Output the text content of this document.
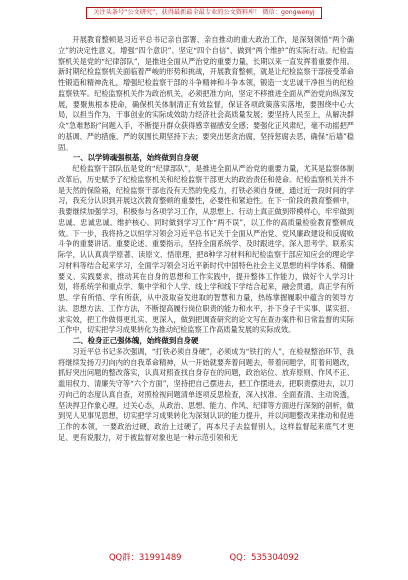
关注头条号“公文研究”，获得最新最全最专业的公文资料库！ 微信：gongwenyj

开展教育整顿是习近平总书记亲自部署、亲自推动的重大政治工作，是深刻领悟“两个确立”的决定性意义，增强“四个意识”、坚定“四个自信”、做到“两个维护”的实际行动。纪检监察机关是党的“纪律部队”，是推进全面从严治党的重要力量，长期以来一直发挥着重要作用。新时期纪检监察机关面临着严峻的形势和挑战，开展教育整顿，就是让纪检监察干部接受革命性锻造和精神洗礼，增强纪检监察干部的斗争精神和斗争本领，锻造一支忠诚干净担当的纪检监察铁军。纪检监察机关作为政治机关，必须把准方向，坚定不移推进全面从严治党向纵深发展，要聚焦根本使命，确保机关体制清正有效监督，保证各项政策落实落地，要围绕中心大局，以担当作为，干事创业的实际成效助力经济社会高质量发展；要坚持人民至上，从解决群众“急难愁盼”问题入手，不断提升群众获得感幸福感安全感；要强化正风肃纪，毫不动摇把严的基调、严的措施、严的氛围长期坚持下去；要突出惩贪治腐，坚持惩腐去恶，确保“后墙”稳固。

一、以学铸魂强根基，始终做到自身硬

纪检监察干部队伍是党的“纪律部队”，是推进全面从严治党的重要力量，尤其是监察体制改革后，历史赋予了纪检监察机关和纪检监察干部更大的政治责任和使命。纪检监察机关并不是天然的保险箱，纪检监察干部也没有天然的免疫力，打铁必须自身硬，通过近一段时间的学习，我充分认识到开展这次教育整顿的重要性，必要性和紧迫性。在下一阶段的教育整顿中，我要继续加强学习，积极参与各项学习工作，从思想上、行动上真正做到带模样心，牢牢做到忠诚、忠诚忠诚、维护核心。同时做到学习工作“两不误”，以工作的高质量检验教育整顿成效。下一步，我将持之以恒学习领会习近平总书记关于全面从严治党、党风廉政建设和反腐败斗争的重要讲话、重要论述、重要指示，坚持全面系统学、及时跟进学、深入思考学、联系实际学，认认真真学原著、读原文、悟原理，把8种学习材料和纪检监察干部应知应会的理论学习材料等结合起来学习，全面学习领会习近平新时代中国特色社会主义思想的科学体系、精髓要义、实践要求，推动其在自身的思想和工作实践中，提升整体工作能力，做好个人学习计划，将系统学和重点学、集中学和个人学、线上学和线下学结合起来，融会贯通，真正学有所思、学有所悟、学有所获，从中汲取奋发进取的智慧和力量，热练掌握履职中蕴含的领导方法、思想方法、工作方法，不断提高履行岗位职责的能力和水平，扑下身子干实事、谋实招、求实效，把工作做得更扎实、更深入，做到把调查研究的论文写在查办案件和日常监督的实际工作中，切实把学习成果转化为推动纪检监察工作高质量发展的实际成效。

二、检身正己强体魄，始终做到自身硬

习近平总书记多次强调，“打铁必须自身硬”，必须成为“铁打的人”，在检视整治环节，我将继续发扬刀刃向内的自我革命精神，从一开始就要奔着问题去，带着问题学，盯着问题改，抓好突出问题的整改落实，认真对照查找自身存在的问题，政治站位、放弃原则、作风不正、滥用权力、清廉失守等“六个方面”，坚持把自己摆进去，把工作摆进去，把职责摆进去，以刀刃向己的态度认真自查，对照检视问题清单逐项反思检查，深入找准、全面查清、主动说透，坚决捍卫作象心理，过关心态，从政治、思想、能力、作风、纪律等方面进行深刻的剖析，做到见人见事见思想，切实把学习成果转化为深刻认识的能力提升，并以问题整改来推动和促进工作的本领，一要政治过硬，政治上过硬了，再本尺子去监督别人，这样监督起来底气才更足、更有说服力，对于被监督对象也是一种示范引领和无

QQ群：31991489	QQ：535304092
